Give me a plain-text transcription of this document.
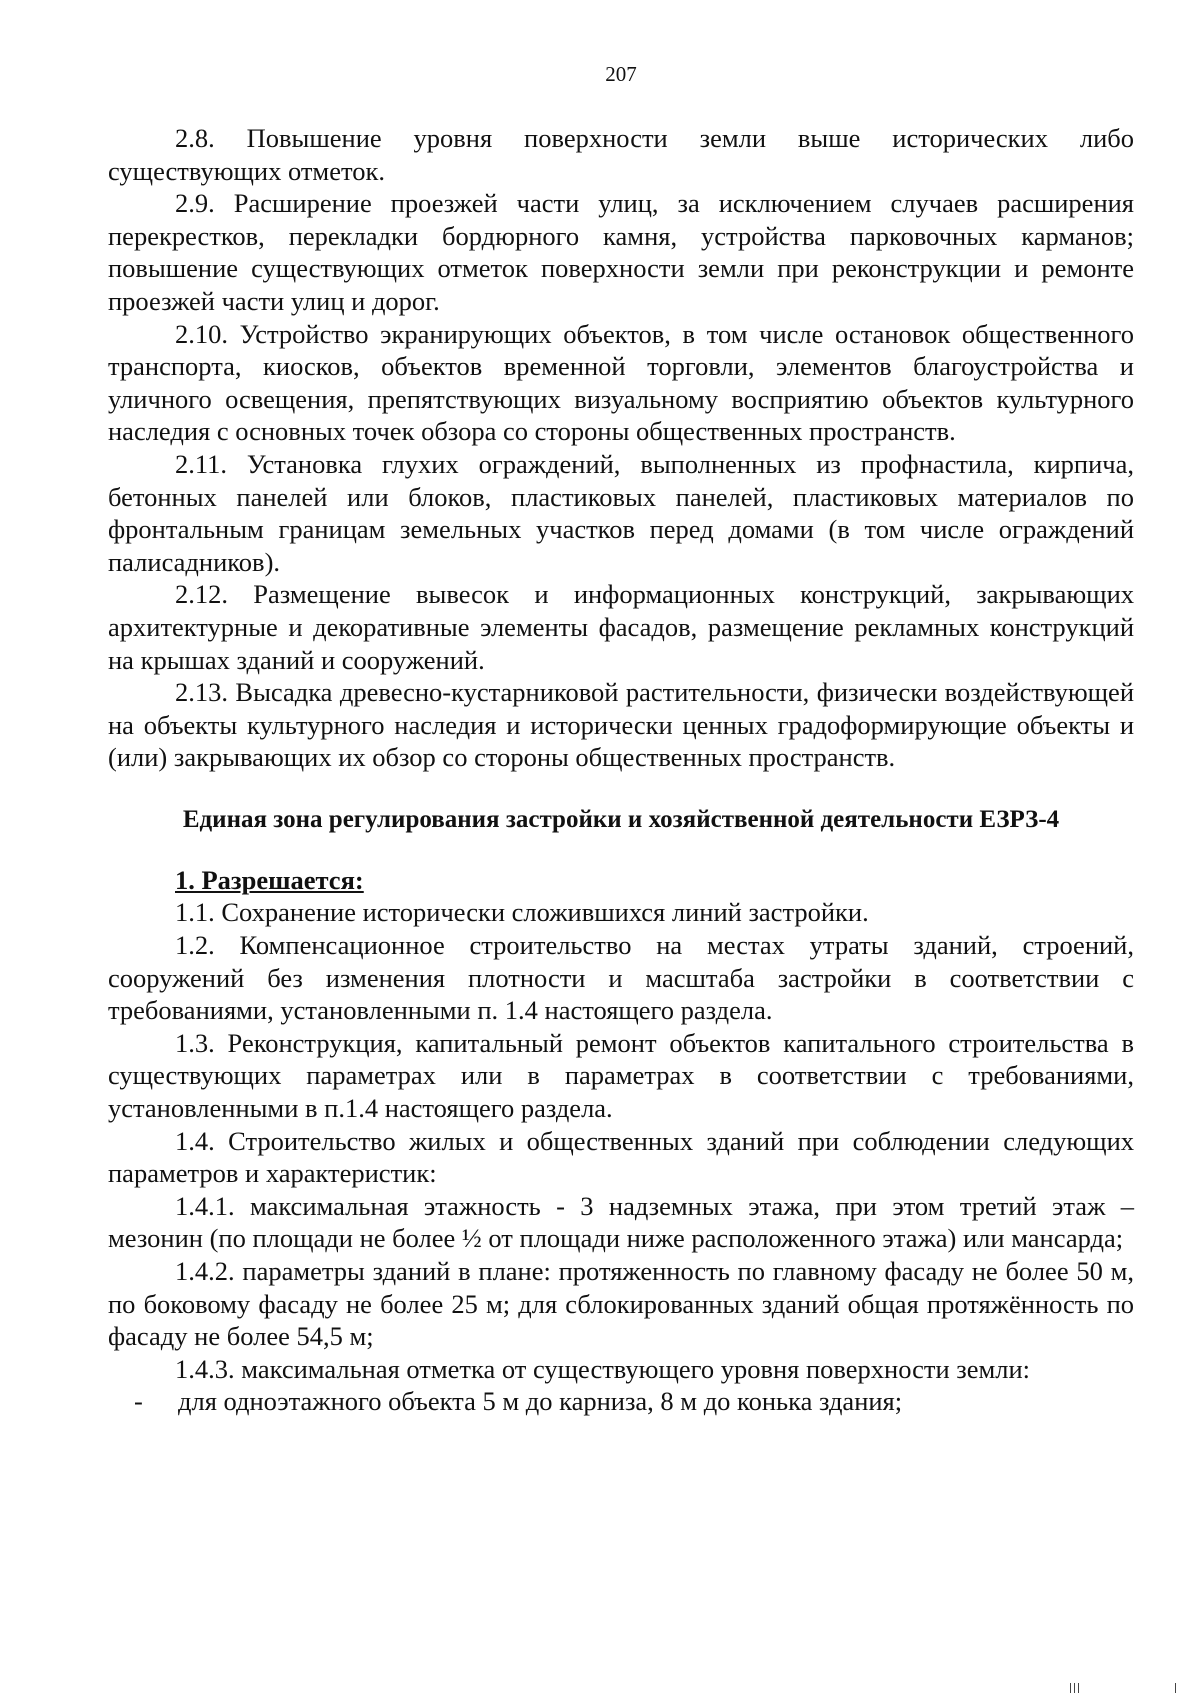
207

2.8. Повышение уровня поверхности земли выше исторических либо существующих отметок.

2.9. Расширение проезжей части улиц, за исключением случаев расширения перекрестков, перекладки бордюрного камня, устройства парковочных карманов; повышение существующих отметок поверхности земли при реконструкции и ремонте проезжей части улиц и дорог.

2.10. Устройство экранирующих объектов, в том числе остановок общественного транспорта, киосков, объектов временной торговли, элементов благоустройства и уличного освещения, препятствующих визуальному восприятию объектов культурного наследия с основных точек обзора со стороны общественных пространств.

2.11. Установка глухих ограждений, выполненных из профнастила, кирпича, бетонных панелей или блоков, пластиковых панелей, пластиковых материалов по фронтальным границам земельных участков перед домами (в том числе ограждений палисадников).

2.12. Размещение вывесок и информационных конструкций, закрывающих архитектурные и декоративные элементы фасадов, размещение рекламных конструкций на крышах зданий и сооружений.

2.13. Высадка древесно-кустарниковой растительности, физически воздействующей на объекты культурного наследия и исторически ценных градоформирующие объекты и (или) закрывающих их обзор со стороны общественных пространств.

Единая зона регулирования застройки и хозяйственной деятельности ЕЗРЗ-4

1. Разрешается:

1.1. Сохранение исторически сложившихся линий застройки.

1.2. Компенсационное строительство на местах утраты зданий, строений, сооружений без изменения плотности и масштаба застройки в соответствии с требованиями, установленными п. 1.4 настоящего раздела.

1.3. Реконструкция, капитальный ремонт объектов капитального строительства в существующих параметрах или в параметрах в соответствии с требованиями, установленными в п.1.4 настоящего раздела.

1.4. Строительство жилых и общественных зданий при соблюдении следующих параметров и характеристик:

1.4.1. максимальная этажность - 3 надземных этажа, при этом третий этаж – мезонин (по площади не более ½ от площади ниже расположенного этажа) или мансарда;

1.4.2. параметры зданий в плане: протяженность по главному фасаду не более 50 м, по боковому фасаду не более 25 м; для сблокированных зданий общая протяжённость по фасаду не более 54,5 м;

1.4.3. максимальная отметка от существующего уровня поверхности земли:

- для одноэтажного объекта 5 м до карниза, 8 м до конька здания;
